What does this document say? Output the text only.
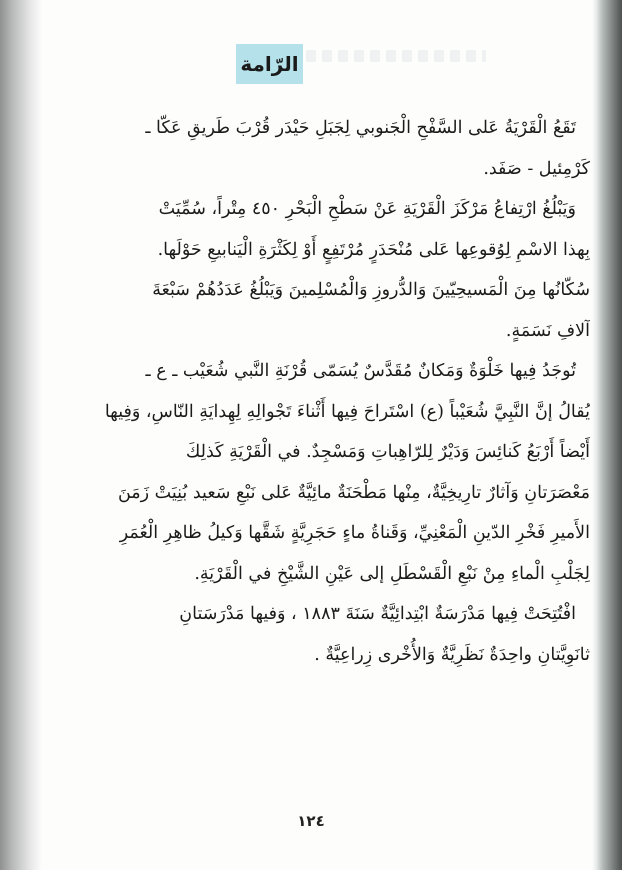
الرّامة
تَقَعُ الْقَرْيَةُ عَلى السَّفْحِ الْجَنوبي لِجَبَلِ حَيْدَر قُرْبَ طَريقِ عَكّا ـ
كَرْمِئيل - صَفَد.
وَيَبْلُغُ ارْتِفاعُ مَرْكَزَ الْقَرْيَةِ عَنْ سَطْحِ الْبَحْرِ ٤٥٠ مِتْراً، سُمِّيَتْ
بِهذا الاسْمِ لِوُقوعِها عَلى مُنْحَدَرٍ مُرْتَفِعٍ أَوْ لِكَثْرَةِ الْيَنابيعِ حَوْلَها.
سُكّانُها مِنَ الْمَسيحِيّينَ وَالدُّروزِ وَالْمُسْلِمينَ وَيَبْلُغُ عَدَدُهُمْ سَبْعَةَ
آلافِ نَسَمَةٍ.
تُوجَدُ فِيها خَلْوَةٌ وَمَكانٌ مُقَدَّسٌ يُسَمّى قُرْنَةِ النَّبي شُعَيْب ـ ع ـ
يُقالُ إنَّ النَّبِيَّ شُعَيْباً (ع) اسْتَراحَ فِيها أَثْناءَ تَجْوالِهِ لِهِدايَةِ النّاسِ، وَفِيها
أَيْضاً أَرْبَعُ كَنائِسَ وَدَيْرٌ لِلرّاهِباتِ وَمَسْجِدٌ. في الْقَرْيَةِ كَذلِكَ
مَعْصَرَتانِ وَآثارٌ تارِيخِيَّةٌ، مِنْها مَطْحَنَةٌ مائِيَّةٌ عَلى نَبْعِ سَعيد بُنِيَتْ زَمَنَ
الأَميرِ فَخْرِ الدّينِ الْمَعْنِيِّ، وَقَناةُ ماءٍ حَجَرِيَّةٍ شَقَّها وَكيلُ ظاهِرِ الْعُمَرِ
لِجَلْبِ الْماءِ مِنْ نَبْعِ الْقَسْطَلِ إلى عَيْنِ الشَّيْخِ في الْقَرْيَةِ.
افْتُتِحَتْ فِيها مَدْرَسَةٌ ابْتِدائِيَّةٌ سَنَةَ ١٨٨٣ ، وَفيها مَدْرَسَتانِ
ثانَوِيَّتانِ واحِدَةٌ نَظَرِيَّةٌ وَالأُخْرى زِراعِيَّةٌ .
١٢٤
